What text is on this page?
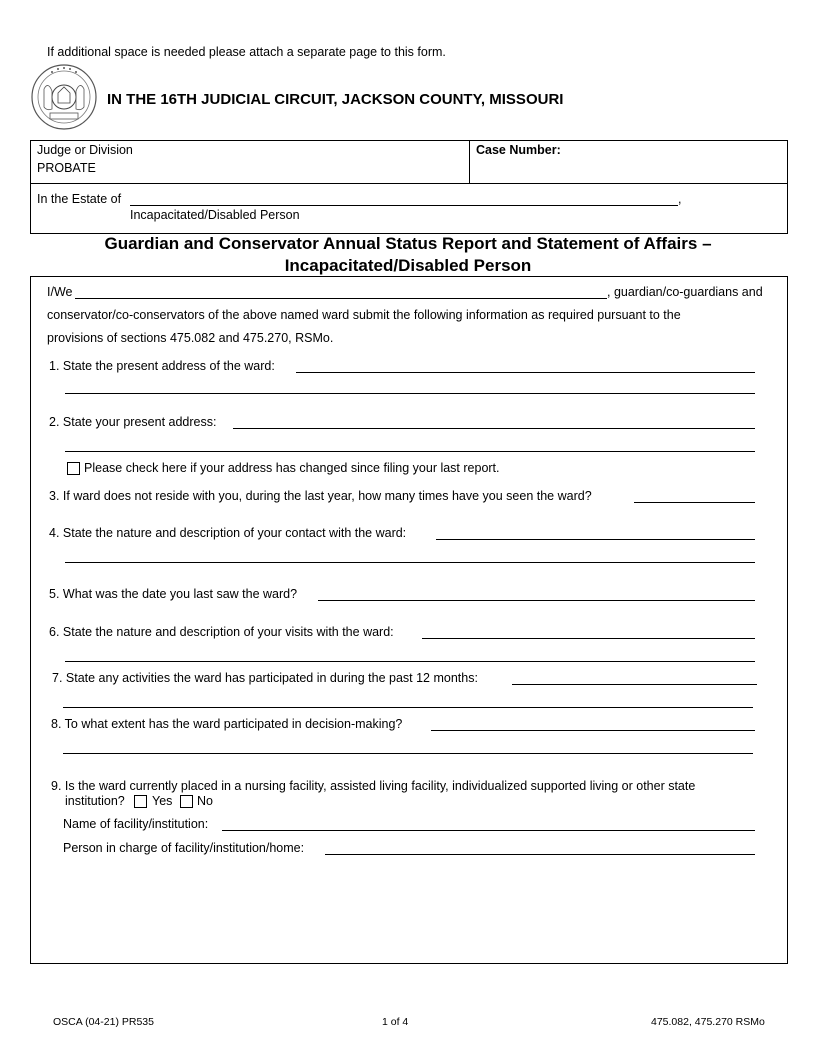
If additional space is needed please attach a separate page to this form.
IN THE 16TH JUDICIAL CIRCUIT, JACKSON COUNTY, MISSOURI
Judge or Division
PROBATE
Case Number:
In the Estate of	,
Incapacitated/Disabled Person
Guardian and Conservator Annual Status Report and Statement of Affairs –
Incapacitated/Disabled Person
I/We	, guardian/co-guardians and
conservator/co-conservators of the above named ward submit the following information as required pursuant to the
provisions of sections 475.082 and 475.270, RSMo.
1. State the present address of the ward:
2. State your present address:
Please check here if your address has changed since filing your last report.
3. If ward does not reside with you, during the last year, how many times have you seen the ward?
4. State the nature and description of your contact with the ward:
5. What was the date you last saw the ward?
6. State the nature and description of your visits with the ward:
7. State any activities the ward has participated in during the past 12 months:
8. To what extent has the ward participated in decision-making?
9. Is the ward currently placed in a nursing facility, assisted living facility, individualized supported living or other state
institution? Yes No
Name of facility/institution:
Person in charge of facility/institution/home:
OSCA (04-21) PR535	1 of 4	475.082, 475.270 RSMo
